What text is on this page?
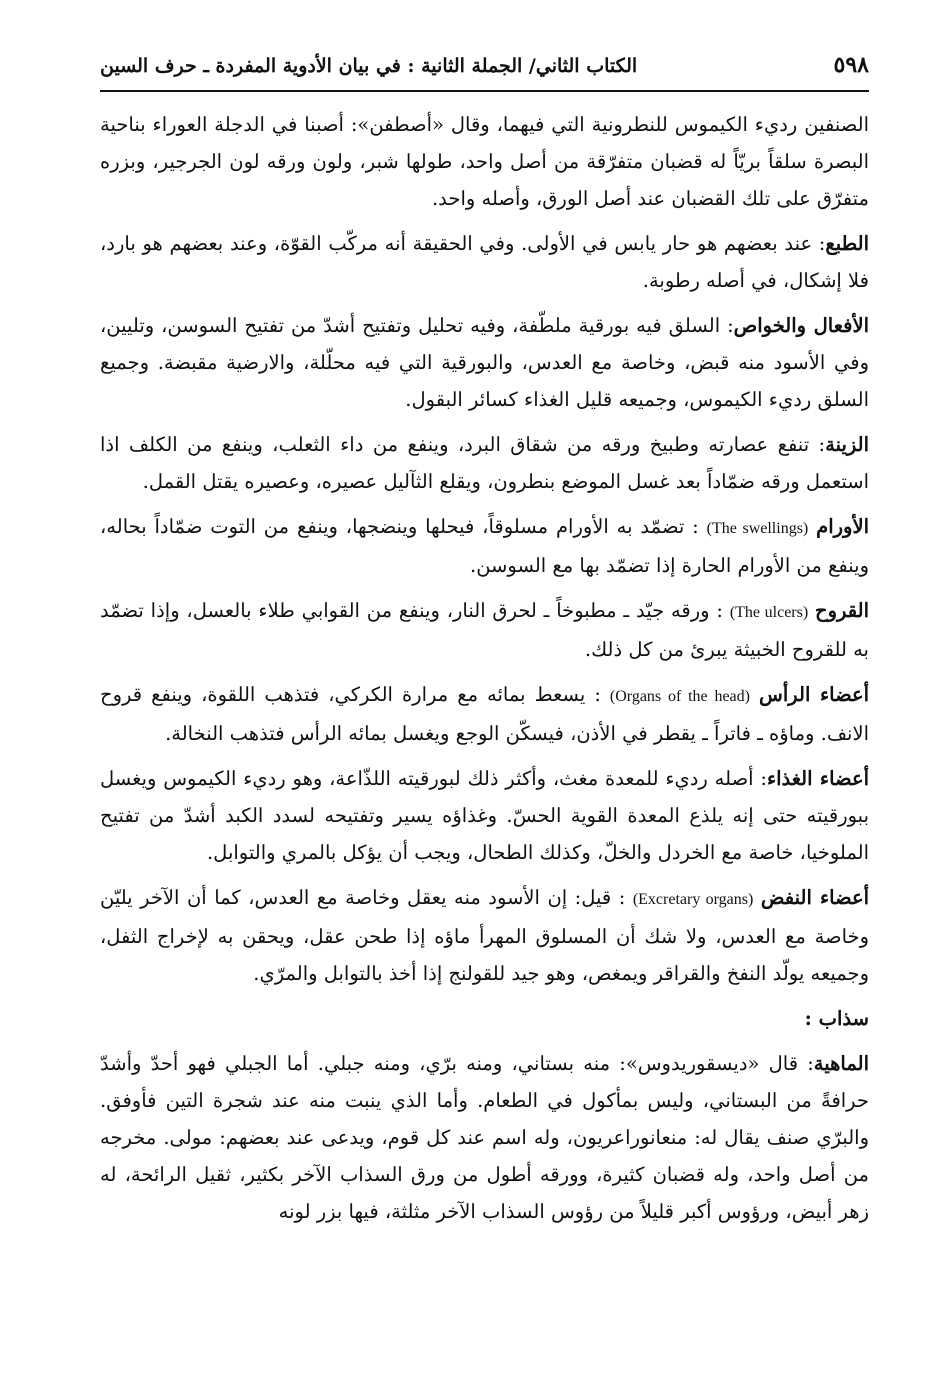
٥٩٨
الكتاب الثاني/ الجملة الثانية : في بيان الأدوية المفردة ـ حرف السين

الصنفين رديء الكيموس للنطرونية التي فيهما، وقال «أصطفن»: أصبنا في الدجلة العوراء بناحية البصرة سلقاً بريّاً له قضبان متفرّقة من أصل واحد، طولها شبر، ولون ورقه لون الجرجير، وبزره متفرّق على تلك القضبان عند أصل الورق، وأصله واحد.

الطبع: عند بعضهم هو حار يابس في الأولى. وفي الحقيقة أنه مركّب القوّة، وعند بعضهم هو بارد، فلا إشكال، في أصله رطوبة.

الأفعال والخواص: السلق فيه بورقية ملطّفة، وفيه تحليل وتفتيح أشدّ من تفتيح السوسن، وتليين، وفي الأسود منه قبض، وخاصة مع العدس، والبورقية التي فيه محلّلة، والارضية مقبضة. وجميع السلق رديء الكيموس، وجميعه قليل الغذاء كسائر البقول.

الزينة: تنفع عصارته وطبيخ ورقه من شقاق البرد، وينفع من داء الثعلب، وينفع من الكلف اذا استعمل ورقه ضمّاداً بعد غسل الموضع بنطرون، ويقلع الثآليل عصيره، وعصيره يقتل القمل.

الأورام (The swellings) : تضمّد به الأورام مسلوقاً، فيحلها وينضجها، وينفع من التوت ضمّاداً بحاله، وينفع من الأورام الحارة إذا تضمّد بها مع السوسن.

القروح (The ulcers) : ورقه جيّد ـ مطبوخاً ـ لحرق النار، وينفع من القوابي طلاء بالعسل، وإذا تضمّد به للقروح الخبيثة يبرئ من كل ذلك.

أعضاء الرأس (Organs of the head) : يسعط بمائه مع مرارة الكركي، فتذهب اللقوة، وينفع قروح الانف. وماؤه ـ فاتراً ـ يقطر في الأذن، فيسكّن الوجع ويغسل بمائه الرأس فتذهب النخالة.

أعضاء الغذاء: أصله رديء للمعدة مغث، وأكثر ذلك لبورقيته اللذّاعة، وهو رديء الكيموس ويغسل ببورقيته حتى إنه يلذع المعدة القوية الحسّ. وغذاؤه يسير وتفتيحه لسدد الكبد أشدّ من تفتيح الملوخيا، خاصة مع الخردل والخلّ، وكذلك الطحال، ويجب أن يؤكل بالمري والتوابل.

أعضاء النفض (Excretary organs) : قيل: إن الأسود منه يعقل وخاصة مع العدس، كما أن الآخر يليّن وخاصة مع العدس، ولا شك أن المسلوق المهرأ ماؤه إذا طحن عقل، ويحقن به لإخراج الثفل، وجميعه يولّد النفخ والقراقر ويمغص، وهو جيد للقولنج إذا أخذ بالتوابل والمرّي.

سذاب :

الماهية: قال «ديسقوريدوس»: منه بستاني، ومنه برّي، ومنه جبلي. أما الجبلي فهو أحدّ وأشدّ حرافةً من البستاني، وليس بمأكول في الطعام. وأما الذي ينبت منه عند شجرة التين فأوفق. والبرّي صنف يقال له: منعانوراعريون، وله اسم عند كل قوم، ويدعى عند بعضهم: مولى. مخرجه من أصل واحد، وله قضبان كثيرة، وورقه أطول من ورق السذاب الآخر بكثير، ثقيل الرائحة، له زهر أبيض، ورؤوس أكبر قليلاً من رؤوس السذاب الآخر مثلثة، فيها بزر لونه
